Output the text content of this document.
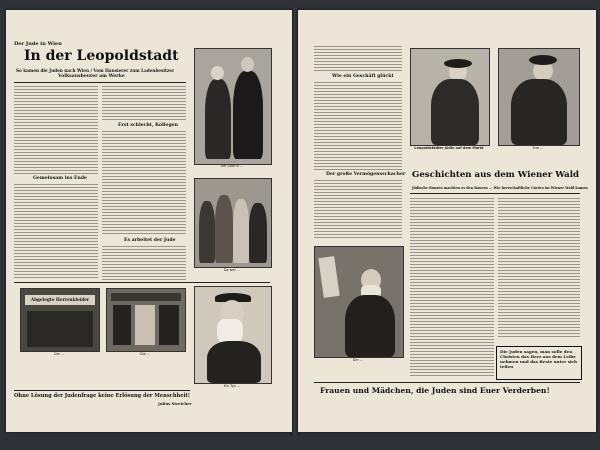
Der Jude in Wien
In der Leopoldstadt
So kamen die Juden nach Wien / Vom Hausierer zum Ladenbesitzer
Volksausbeuter am Werke
Gemeinsam ins Ende
Erst schlecht, Kollegen
Es arbeitet der Jude
Der Jude in ...
Da war ...
Abgelegte Herrenkleider
Die ...	Die ...
Ein Typ ...
Ohne Lösung der Judenfrage keine Erlösung der Menschheit!
Julius Streicher
Wie ein Geschäft glückt
Der große Vermögensschacher
Leopoldstädter Jüdin auf dem Markt	Ihre ...
Geschichten aus dem Wiener Wald
Jüdische Bonzen machten es den Bauern ... Wie herrschaftliche Gärten im Wiener Wald kamen
Der ...
Die Juden sagen, man solle den Christen das Herz aus dem Leibe nehmen und das Beste unter sich teilen
Frauen und Mädchen, die Juden sind Euer Verderben!
